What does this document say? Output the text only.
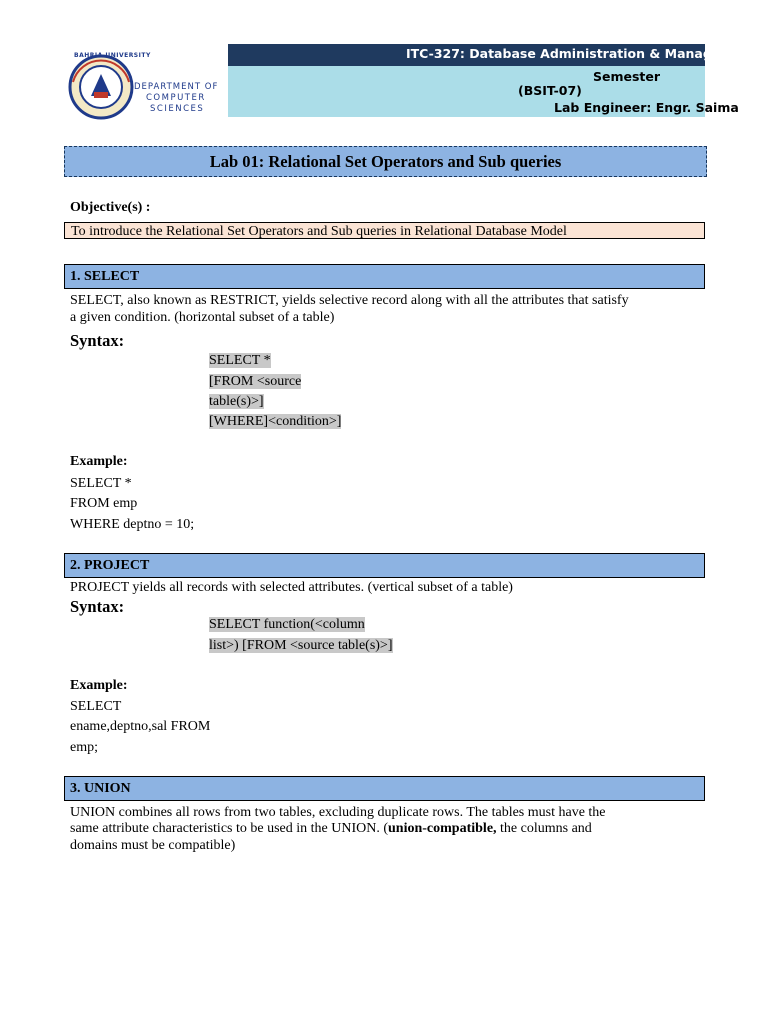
BAHRIA UNIVERSITY
DEPARTMENT OF
COMPUTER
SCIENCES
ITC-327: Database Administration & Management
Semester
(BSIT-07)
Lab Engineer: Engr. Saima
Lab 01: Relational Set Operators and Sub queries
Objective(s) :
To introduce the Relational Set Operators and Sub queries in Relational Database Model
1. SELECT
SELECT, also known as RESTRICT, yields selective record along with all the attributes that satisfy
a given condition. (horizontal subset of a table)
Syntax:
SELECT *
[FROM <source
table(s)>]
[WHERE]<condition>]
Example:
SELECT *
FROM emp
WHERE deptno = 10;
2. PROJECT
PROJECT yields all records with selected attributes. (vertical subset of a table)
Syntax:
SELECT function(<column
list>) [FROM <source table(s)>]
Example:
SELECT
ename,deptno,sal FROM
emp;
3. UNION
UNION combines all rows from two tables, excluding duplicate rows. The tables must have the
same attribute characteristics to be used in the UNION. (union-compatible, the columns and
domains must be compatible)
